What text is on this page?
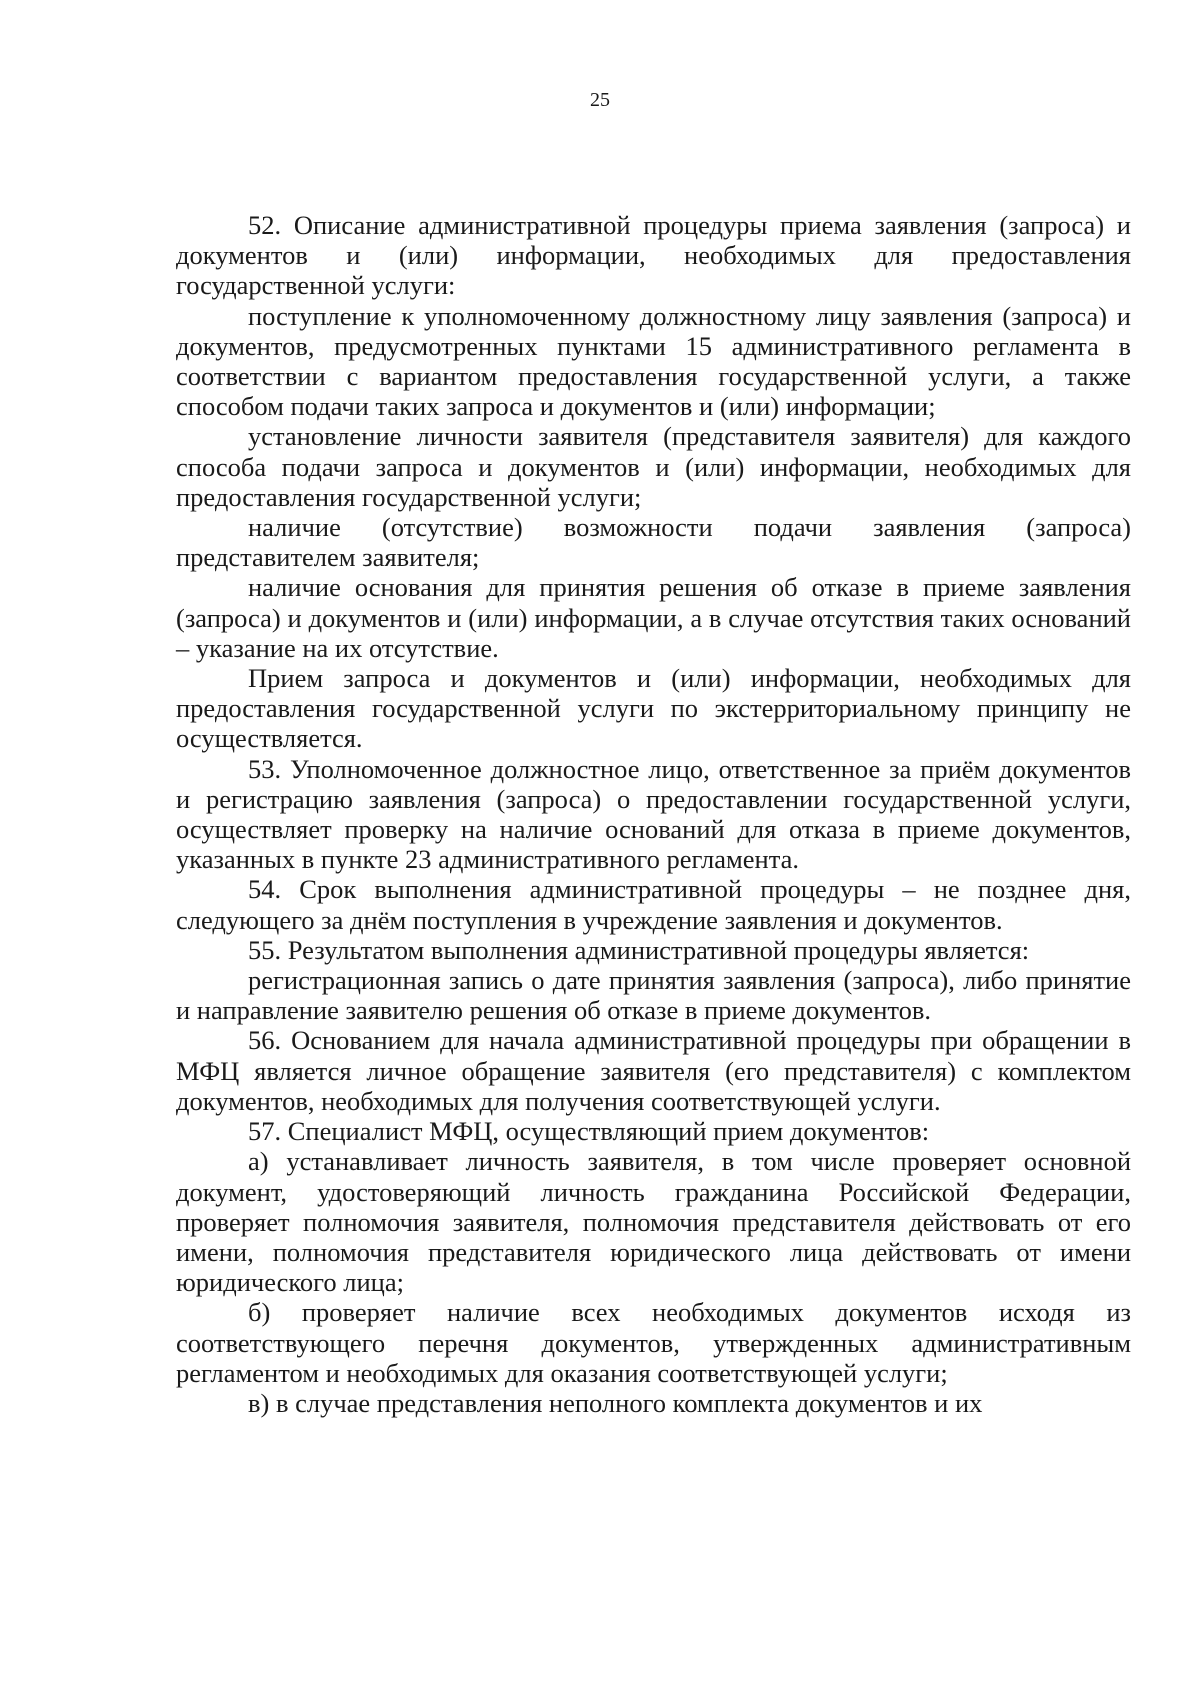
25

52. Описание административной процедуры приема заявления (запроса) и документов и (или) информации, необходимых для предоставления государственной услуги:

поступление к уполномоченному должностному лицу заявления (запроса) и документов, предусмотренных пунктами 15 административного регламента в соответствии с вариантом предоставления государственной услуги, а также способом подачи таких запроса и документов и (или) информации;

установление личности заявителя (представителя заявителя) для каждого способа подачи запроса и документов и (или) информации, необходимых для предоставления государственной услуги;

наличие (отсутствие) возможности подачи заявления (запроса) представителем заявителя;

наличие основания для принятия решения об отказе в приеме заявления (запроса) и документов и (или) информации, а в случае отсутствия таких оснований – указание на их отсутствие.

Прием запроса и документов и (или) информации, необходимых для предоставления государственной услуги по экстерриториальному принципу не осуществляется.

53. Уполномоченное должностное лицо, ответственное за приём документов и регистрацию заявления (запроса) о предоставлении государственной услуги, осуществляет проверку на наличие оснований для отказа в приеме документов, указанных в пункте 23 административного регламента.

54. Срок выполнения административной процедуры – не позднее дня, следующего за днём поступления в учреждение заявления и документов.

55. Результатом выполнения административной процедуры является:

регистрационная запись о дате принятия заявления (запроса), либо принятие и направление заявителю решения об отказе в приеме документов.

56. Основанием для начала административной процедуры при обращении в МФЦ является личное обращение заявителя (его представителя) с комплектом документов, необходимых для получения соответствующей услуги.

57. Специалист МФЦ, осуществляющий прием документов:

а) устанавливает личность заявителя, в том числе проверяет основной документ, удостоверяющий личность гражданина Российской Федерации, проверяет полномочия заявителя, полномочия представителя действовать от его имени, полномочия представителя юридического лица действовать от имени юридического лица;

б) проверяет наличие всех необходимых документов исходя из соответствующего перечня документов, утвержденных административным регламентом и необходимых для оказания соответствующей услуги;

в) в случае представления неполного комплекта документов и их
